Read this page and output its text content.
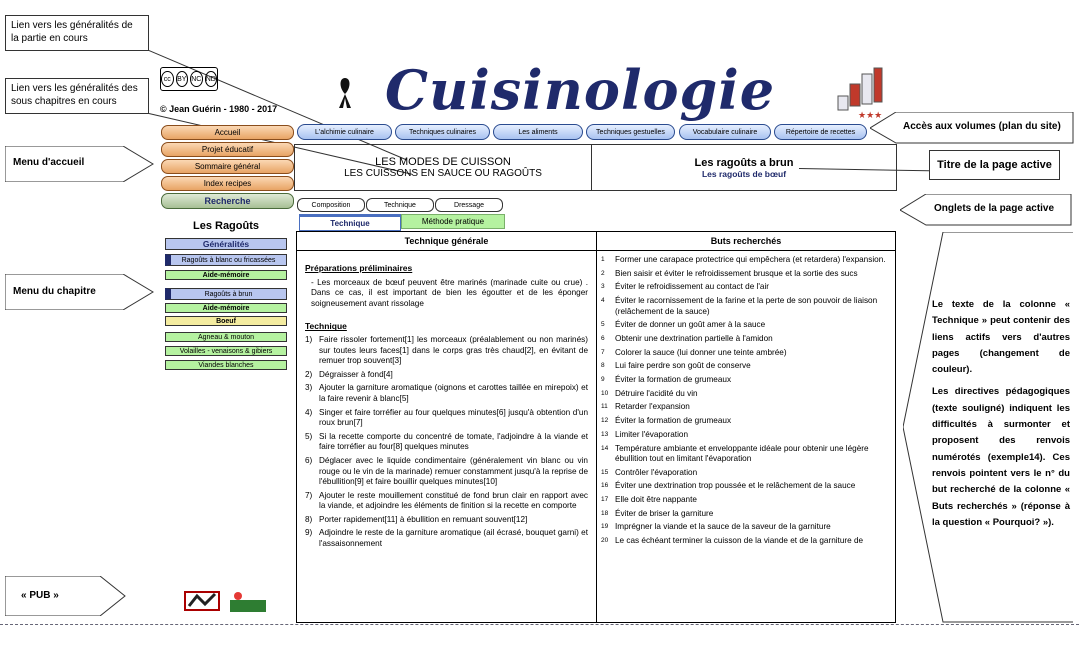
Lien vers les généralités de la partie en cours
Lien vers les généralités des sous chapitres en cours
Menu d'accueil
Menu du chapitre
« PUB »
Accès aux volumes (plan du site)
Titre de la page active
Onglets de la page active
cc BY NC ND
© Jean Guérin - 1980 - 2017 Cuisinologie	★★★
L'alchimie culinaire	Techniques culinaires	Les aliments	Techniques gestuelles	Vocabulaire culinaire	Répertoire de recettes
Accueil
Projet éducatif
Sommaire général
Index recipes
Recherche
LES MODES DE CUISSON
LES CUISSONS EN SAUCE OU RAGOÛTS
Les ragoûts a brun
Les ragoûts de bœuf
Composition	Technique	Dressage
Technique	Méthode pratique
Les Ragoûts
Généralités
Ragoûts à blanc ou fricassées
Aide-mémoire
Ragoûts à brun
Aide-mémoire
Boeuf
Agneau & mouton
Volailles - venaisons & gibiers
Viandes blanches
Technique générale
Préparations préliminaires
- Les morceaux de bœuf peuvent être marinés (marinade cuite ou crue) . Dans ce cas, il est important de bien les égoutter et de les éponger soigneusement avant rissolage
Technique
1) Faire rissoler fortement[1] les morceaux (préalablement ou non marinés) sur toutes leurs faces[1] dans le corps gras très chaud[2], en évitant de remuer trop souvent[3]
2) Dégraisser à fond[4]
3) Ajouter la garniture aromatique (oignons et carottes taillée en mirepoix) et la faire revenir à blanc[5]
4) Singer et faire torréfier au four quelques minutes[6] jusqu'à obtention d'un roux brun[7]
5) Si la recette comporte du concentré de tomate, l'adjoindre à la viande et faire torréfier au four[8] quelques minutes
6) Déglacer avec le liquide condimentaire (généralement vin blanc ou vin rouge ou le vin de la marinade) remuer constamment jusqu'à la reprise de l'ébullition[9] et faire bouillir quelques minutes[10]
7) Ajouter le reste mouillement constitué de fond brun clair en rapport avec la viande, et adjoindre les éléments de finition si la recette en comporte
8) Porter rapidement[11] à ébullition en remuant souvent[12]
9) Adjoindre le reste de la garniture aromatique (ail écrasé, bouquet garni) et l'assaisonnement
Buts recherchés
1	Former une carapace protectrice qui empêchera (et retardera) l'expansion.
2	Bien saisir et éviter le refroidissement brusque et la sortie des sucs
3	Éviter le refroidissement au contact de l'air
4	Éviter le racornissement de la farine et la perte de son pouvoir de liaison (relâchement de la sauce)
5	Éviter de donner un goût amer à la sauce
6	Obtenir une dextrination partielle à l'amidon
7	Colorer la sauce (lui donner une teinte ambrée)
8	Lui faire perdre son goût de conserve
9	Éviter la formation de grumeaux
10 Détruire l'acidité du vin
11 Retarder l'expansion
12 Éviter la formation de grumeaux
13 Limiter l'évaporation
14 Température ambiante et enveloppante idéale pour obtenir une légère ébullition tout en limitant l'évaporation
15 Contrôler l'évaporation
16 Éviter une dextrination trop poussée et le relâchement de la sauce
17 Elle doit être nappante
18 Éviter de briser la garniture
19 Imprégner la viande et la sauce de la saveur de la garniture
20 Le cas échéant terminer la cuisson de la viande et de la garniture de
Le texte de la colonne « Technique » peut contenir des liens actifs vers d'autres pages (changement de couleur).
Les directives pédagogiques (texte souligné) indiquent les difficultés à surmonter et proposent des renvois numérotés (exemple14). Ces renvois pointent vers le n° du but recherché de la colonne « Buts recherchés » (réponse à la question « Pourquoi? »).
